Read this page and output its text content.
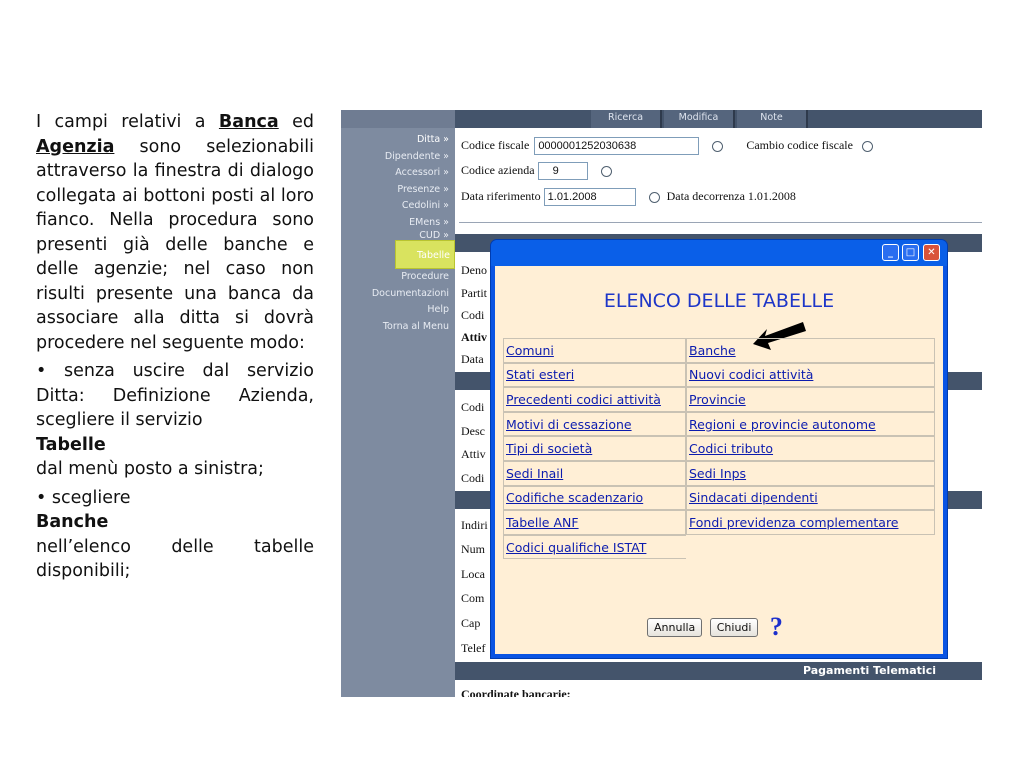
I campi relativi a Banca ed Agenzia sono selezionabili attraverso la finestra di dialogo collegata ai bottoni posti al loro fianco. Nella procedura sono presenti già delle banche e delle agenzie; nel caso non risulti presente una banca da associare alla ditta si dovrà procedere nel seguente modo:

• senza uscire dal servizio Ditta: Definizione Azienda, scegliere il servizio

Tabelle

dal menù posto a sinistra;

• scegliere

Banche

nell’elenco delle tabelle disponibili;

Ditta »
Dipendente »
Accessori »
Presenze »
Cedolini »
EMens »
CUD »
Tabelle
Procedure
Documentazioni
Help
Torna al Menu
Ricerca	Modifica	Note
Codice fiscale 0000001252030638	Cambio codice fiscale
Codice azienda 9
Data riferimento 1.01.2008	Data decorrenza 1.01.2008
Deno
Partit
Codi
Attiv
Data
Codi
Desc
Attiv
Codi
Indiri
Num
Loca
Com
Cap
Telef
Pagamenti Telematici
Coordinate bancarie:
_	□	✕
ELENCO DELLE TABELLE
Comuni	Banche
Stati esteri	Nuovi codici attività
Precedenti codici attività	Provincie
Motivi di cessazione	Regioni e provincie autonome
Tipi di società	Codici tributo
Sedi Inail	Sedi Inps
Codifiche scadenzario	Sindacati dipendenti
Tabelle ANF	Fondi previdenza complementare
Codici qualifiche ISTAT	
Annulla Chiudi ?
